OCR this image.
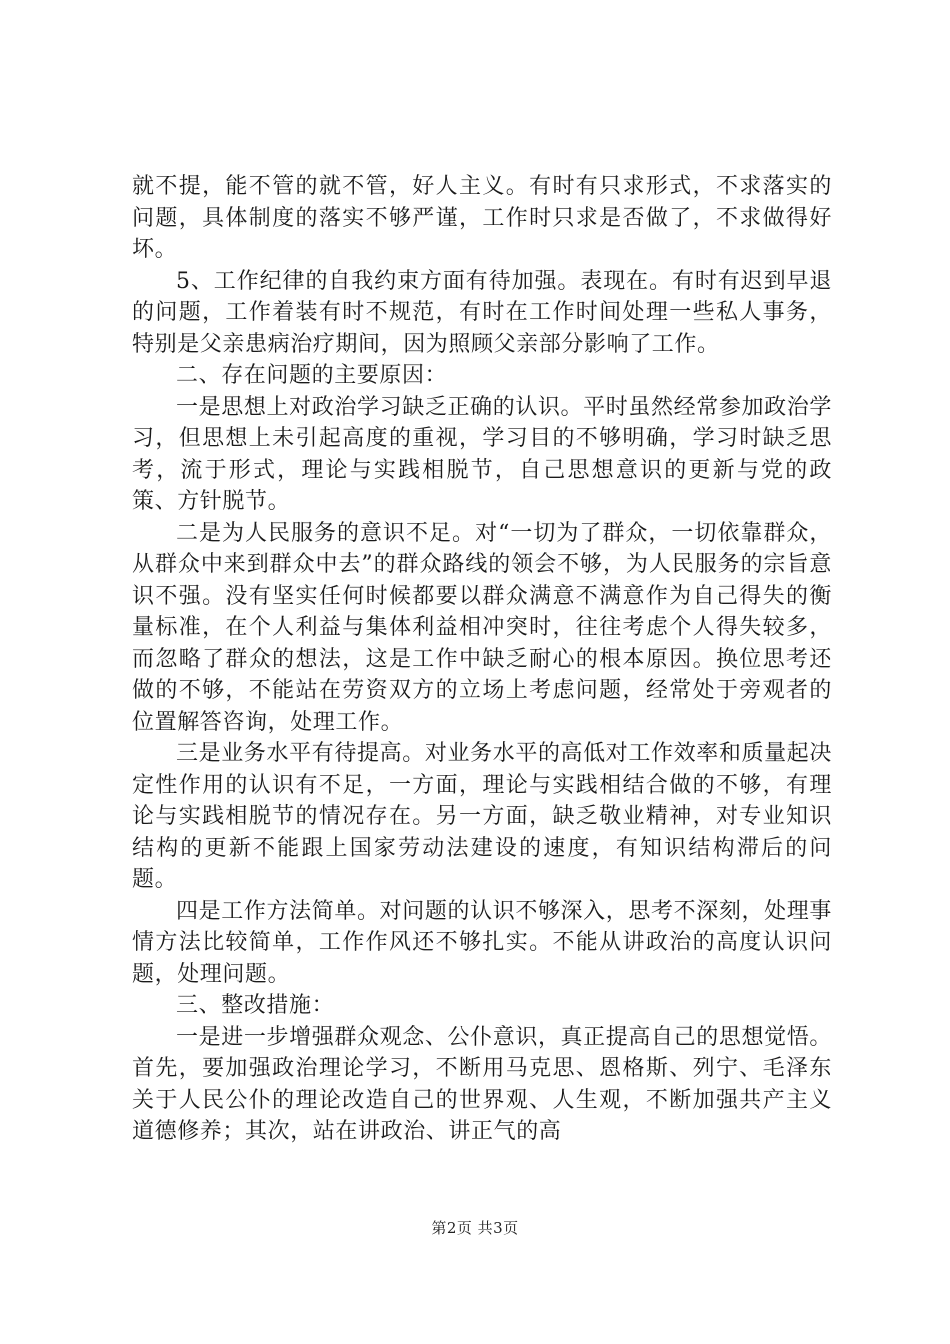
就不提，能不管的就不管，好人主义。有时有只求形式，不求落实的问题，具体制度的落实不够严谨，工作时只求是否做了，不求做得好坏。

5、工作纪律的自我约束方面有待加强。表现在。有时有迟到早退的问题，工作着装有时不规范，有时在工作时间处理一些私人事务，特别是父亲患病治疗期间，因为照顾父亲部分影响了工作。

二、存在问题的主要原因：

一是思想上对政治学习缺乏正确的认识。平时虽然经常参加政治学习，但思想上未引起高度的重视，学习目的不够明确，学习时缺乏思考，流于形式，理论与实践相脱节，自己思想意识的更新与党的政策、方针脱节。

二是为人民服务的意识不足。对“一切为了群众，一切依靠群众，从群众中来到群众中去”的群众路线的领会不够，为人民服务的宗旨意识不强。没有坚实任何时候都要以群众满意不满意作为自己得失的衡量标准，在个人利益与集体利益相冲突时，往往考虑个人得失较多，而忽略了群众的想法，这是工作中缺乏耐心的根本原因。换位思考还做的不够，不能站在劳资双方的立场上考虑问题，经常处于旁观者的位置解答咨询，处理工作。

三是业务水平有待提高。对业务水平的高低对工作效率和质量起决定性作用的认识有不足，一方面，理论与实践相结合做的不够，有理论与实践相脱节的情况存在。另一方面，缺乏敬业精神，对专业知识结构的更新不能跟上国家劳动法建设的速度，有知识结构滞后的问题。

四是工作方法简单。对问题的认识不够深入，思考不深刻，处理事情方法比较简单，工作作风还不够扎实。不能从讲政治的高度认识问题，处理问题。

三、整改措施：

一是进一步增强群众观念、公仆意识，真正提高自己的思想觉悟。首先，要加强政治理论学习，不断用马克思、恩格斯、列宁、毛泽东关于人民公仆的理论改造自己的世界观、人生观，不断加强共产主义道德修养；其次，站在讲政治、讲正气的高

第2页 共3页
